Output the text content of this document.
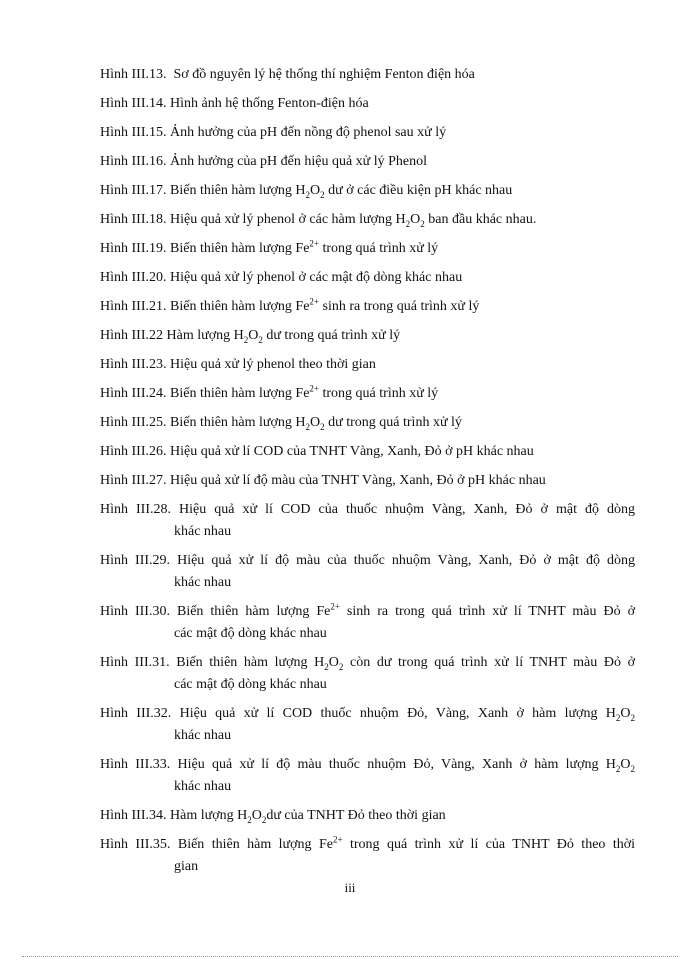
Hình III.13.
Sơ đồ nguyên lý hệ thống thí nghiệm Fenton điện hóa
Hình III.14.
Hình ảnh hệ thống Fenton-điện hóa
Hình III.15.
Ảnh hưởng của pH đến nồng độ phenol sau xử lý
Hình III.16.
Ảnh hưởng của pH đến hiệu quả xử lý Phenol
Hình III.17.
Biến thiên hàm lượng $H_2O_2$ dư ở các điều kiện pH khác nhau
Hình III.18.
Hiệu quả xử lý phenol ở các hàm lượng $H_2O_2$ ban đầu khác nhau.
Hình III.19.
Biến thiên hàm lượng $Fe^{2+}$ trong quá trình xử lý
Hình III.20.
Hiệu quả xử lý phenol ở các mật độ dòng khác nhau
Hình III.21.
Biến thiên hàm lượng $Fe^{2+}$ sinh ra trong quá trình xử lý
Hình III.22
Hàm lượng $H_2O_2$ dư trong quá trình xử lý
Hình III.23.
Hiệu quả xử lý phenol theo thời gian
Hình III.24.
Biến thiên hàm lượng $Fe^{2+}$ trong quá trình xử lý
Hình III.25.
Biến thiên hàm lượng $H_2O_2$ dư trong quá trình xử lý
Hình III.26.
Hiệu quả xử lí COD của TNHT Vàng, Xanh, Đỏ ở pH khác nhau
Hình III.27.
Hiệu quả xử lí độ màu của TNHT Vàng, Xanh, Đỏ ở pH khác nhau
Hình III.28. Hiệu quả xử lí COD của thuốc nhuộm Vàng, Xanh, Đỏ ở mật độ dòng
khác nhau
Hình III.29. Hiệu quả xử lí độ màu của thuốc nhuộm Vàng, Xanh, Đỏ ở mật độ dòng
khác nhau
Hình III.30. Biến thiên hàm lượng $Fe^{2+}$ sinh ra trong quá trình xử lí TNHT màu Đỏ ở
các mật độ dòng khác nhau
Hình III.31. Biến thiên hàm lượng $H_2O_2$ còn dư trong quá trình xử lí TNHT màu Đỏ ở
các mật độ dòng khác nhau
Hình III.32. Hiệu quả xử lí COD thuốc nhuộm Đỏ, Vàng, Xanh ở hàm lượng $H_2O_2$
khác nhau
Hình III.33. Hiệu quả xử lí độ màu thuốc nhuộm Đỏ, Vàng, Xanh ở hàm lượng $H_2O_2$
khác nhau
Hình III.34.
Hàm lượng $H_2O_2dư$ của TNHT Đỏ theo thời gian
Hình III.35. Biến thiên hàm lượng $Fe^{2+}$ trong quá trình xử lí của TNHT Đỏ theo thời
gian
iii
